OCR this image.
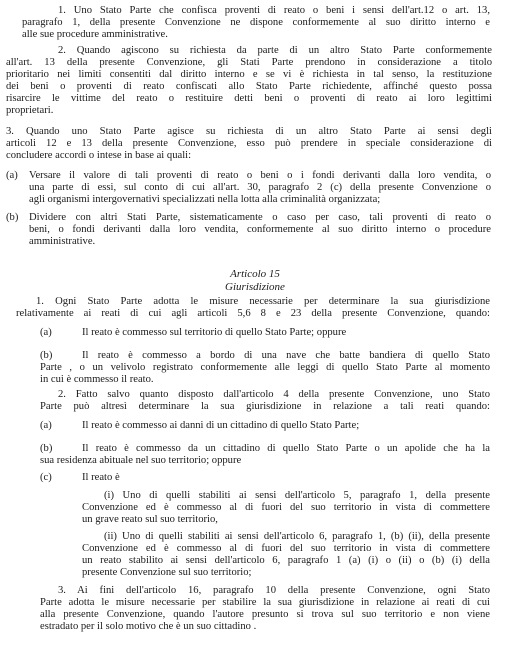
1. Uno Stato Parte che confisca proventi di reato o beni i sensi dell'art.12 o art. 13,
paragrafo 1, della presente Convenzione ne dispone conformemente al suo diritto interno e
alle sue procedure amministrative.
2. Quando agiscono su richiesta da parte di un altro Stato Parte conformemente
all'art. 13 della presente Convenzione, gli Stati Parte prendono in considerazione a titolo
prioritario nei limiti consentiti dal diritto interno e se vi è richiesta in tal senso, la restituzione
dei beni o proventi di reato confiscati allo Stato Parte richiedente, affinché questo possa
risarcire le vittime del reato o restituire detti beni o proventi di reato ai loro legittimi
proprietari.
3. Quando uno Stato Parte agisce su richiesta di un altro Stato Parte ai sensi degli
articoli 12 e 13 della presente Convenzione, esso può prendere in speciale considerazione di
concludere accordi o intese in base ai quali:
(a) Versare il valore di tali proventi di reato o beni o i fondi derivanti dalla loro vendita, o
una parte di essi, sul conto di cui all'art. 30, paragrafo 2 (c) della presente Convenzione o
agli organismi intergovernativi specializzati nella lotta alla criminalità organizzata;
(b) Dividere con altri Stati Parte, sistematicamente o caso per caso, tali proventi di reato o
beni, o fondi derivanti dalla loro vendita, conformemente al suo diritto interno o procedure
amministrative.
Articolo 15
Giurisdizione
1. Ogni Stato Parte adotta le misure necessarie per determinare la sua giurisdizione
relativamente ai reati di cui agli articoli 5,6 8 e 23 della presente Convenzione, quando:
(a)	Il reato è commesso sul territorio di quello Stato Parte; oppure
(b)	Il reato è commesso a bordo di una nave che batte bandiera di quello Stato
Parte , o un velivolo registrato conformemente alle leggi di quello Stato Parte al momento
in cui è commesso il reato.
2. Fatto salvo quanto disposto dall'articolo 4 della presente Convenzione, uno Stato
Parte può altresì determinare la sua giurisdizione in relazione a tali reati quando:
(a)	Il reato è commesso ai danni di un cittadino di quello Stato Parte;
(b)	Il reato è commesso da un cittadino di quello Stato Parte o un apolide che ha la
sua residenza abituale nel suo territorio; oppure
(c)	Il reato è
(i) Uno di quelli stabiliti ai sensi dell'articolo 5, paragrafo 1, della presente
Convenzione ed è commesso al di fuori del suo territorio in vista di commettere
un grave reato sul suo territorio,
(ii) Uno di quelli stabiliti ai sensi dell'articolo 6, paragrafo 1, (b) (ii), della presente
Convenzione ed è commesso al di fuori del suo territorio in vista di commettere
un reato stabilito ai sensi dell'articolo 6, paragrafo 1 (a) (i) o (ii) o (b) (i) della
presente Convenzione sul suo territorio;
3. Ai fini dell'articolo 16, paragrafo 10 della presente Convenzione, ogni Stato
Parte adotta le misure necessarie per stabilire la sua giurisdizione in relazione ai reati di cui
alla presente Convenzione, quando l'autore presunto si trova sul suo territorio e non viene
estradato per il solo motivo che è un suo cittadino .
